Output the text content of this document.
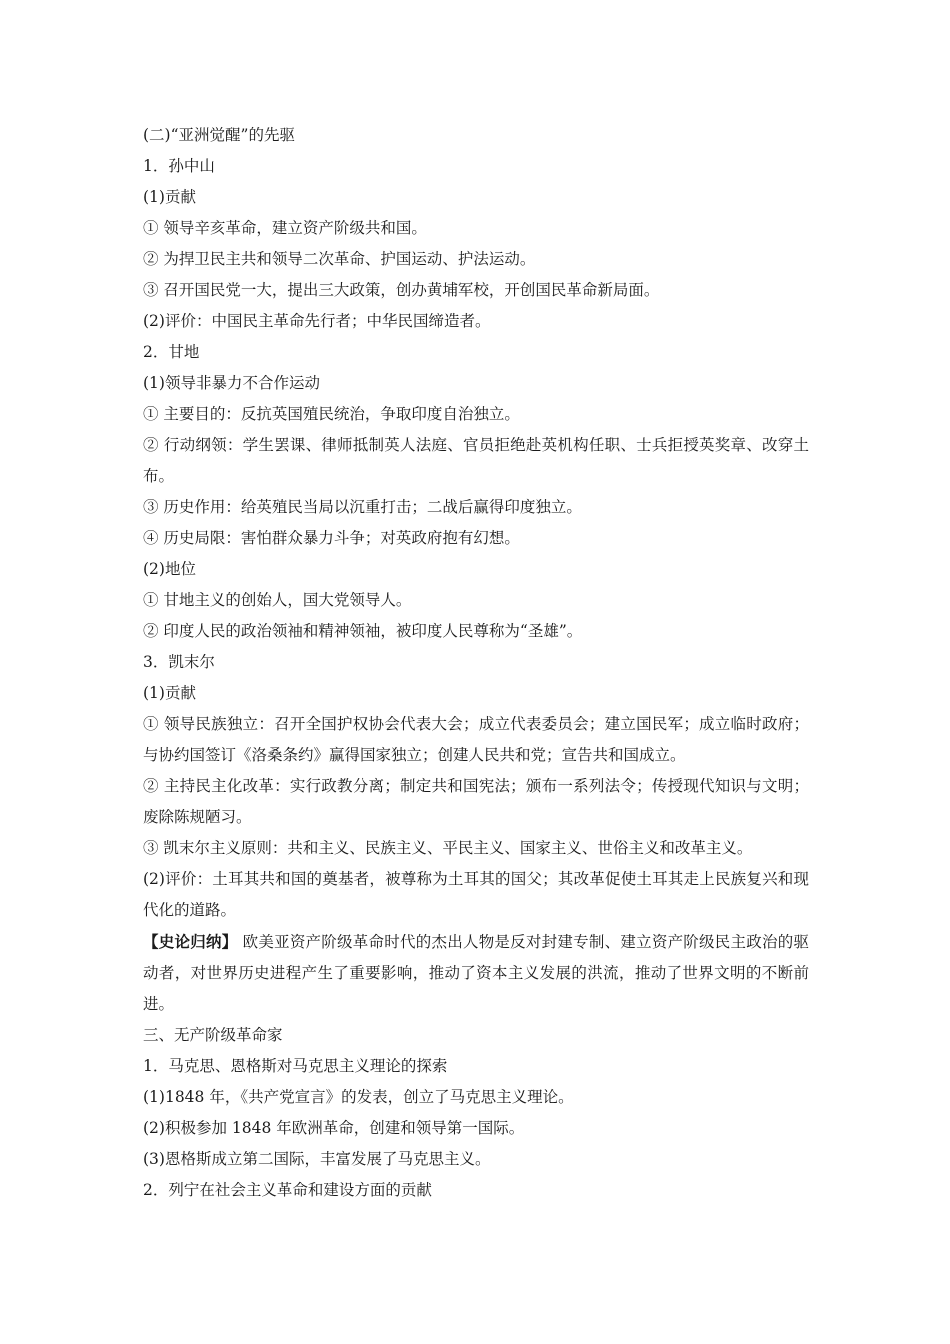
(二)“亚洲觉醒”的先驱

1．孙中山

(1)贡献

① 领导辛亥革命，建立资产阶级共和国。

② 为捍卫民主共和领导二次革命、护国运动、护法运动。

③ 召开国民党一大，提出三大政策，创办黄埔军校，开创国民革命新局面。

(2)评价：中国民主革命先行者；中华民国缔造者。

2．甘地

(1)领导非暴力不合作运动

① 主要目的：反抗英国殖民统治，争取印度自治独立。

② 行动纲领：学生罢课、律师抵制英人法庭、官员拒绝赴英机构任职、士兵拒授英奖章、改穿土布。

③ 历史作用：给英殖民当局以沉重打击；二战后赢得印度独立。

④ 历史局限：害怕群众暴力斗争；对英政府抱有幻想。

(2)地位

① 甘地主义的创始人，国大党领导人。

② 印度人民的政治领袖和精神领袖，被印度人民尊称为“圣雄”。

3．凯末尔

(1)贡献

① 领导民族独立：召开全国护权协会代表大会；成立代表委员会；建立国民军；成立临时政府；与协约国签订《洛桑条约》赢得国家独立；创建人民共和党；宣告共和国成立。

② 主持民主化改革：实行政教分离；制定共和国宪法；颁布一系列法令；传授现代知识与文明；废除陈规陋习。

③ 凯末尔主义原则：共和主义、民族主义、平民主义、国家主义、世俗主义和改革主义。

(2)评价：土耳其共和国的奠基者，被尊称为土耳其的国父；其改革促使土耳其走上民族复兴和现代化的道路。

【史论归纳】 欧美亚资产阶级革命时代的杰出人物是反对封建专制、建立资产阶级民主政治的驱动者，对世界历史进程产生了重要影响，推动了资本主义发展的洪流，推动了世界文明的不断前进。

三、无产阶级革命家

1．马克思、恩格斯对马克思主义理论的探索

(1)1848 年，《共产党宣言》的发表，创立了马克思主义理论。

(2)积极参加 1848 年欧洲革命，创建和领导第一国际。

(3)恩格斯成立第二国际，丰富发展了马克思主义。

2．列宁在社会主义革命和建设方面的贡献
